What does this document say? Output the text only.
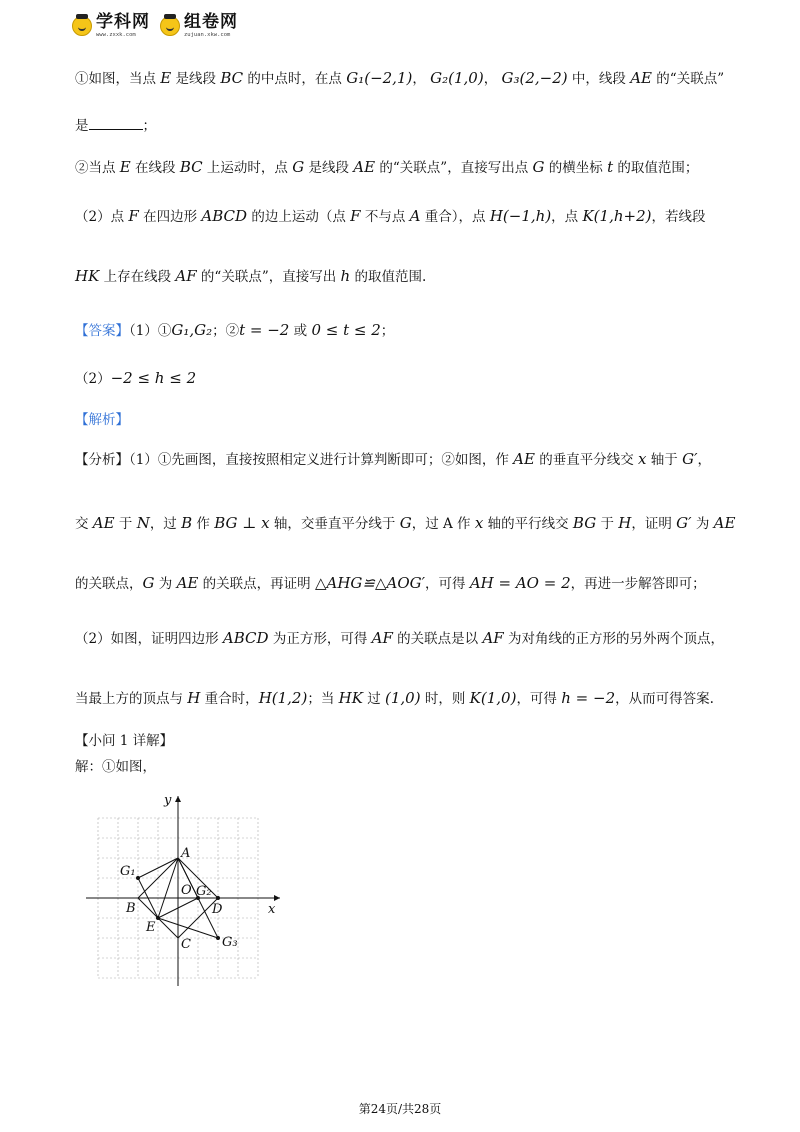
学科网
www.zxxk.com
组卷网
zujuan.xkw.com
①如图，当点 E 是线段 BC 的中点时，在点 G₁(−2,1)， G₂(1,0)， G₃(2,−2) 中，线段 AE 的“关联点”
是	；
②当点 E 在线段 BC 上运动时，点 G 是线段 AE 的“关联点”，直接写出点 G 的横坐标 t 的取值范围；
（2）点 F 在四边形 ABCD 的边上运动（点 F 不与点 A 重合），点 H(−1,h)，点 K(1,h+2)，若线段
HK 上存在线段 AF 的“关联点”，直接写出 h 的取值范围.
【答案】（1）①G₁,G₂；②t = −2 或 0 ≤ t ≤ 2；
（2）−2 ≤ h ≤ 2
【解析】
【分析】（1）①先画图，直接按照相定义进行计算判断即可；②如图，作 AE 的垂直平分线交 x 轴于 G′，
交 AE 于 N，过 B 作 BG ⊥ x 轴，交垂直平分线于 G，过 A 作 x 轴的平行线交 BG 于 H，证明 G′ 为 AE
的关联点，G 为 AE 的关联点，再证明 △AHG≌△AOG′，可得 AH = AO = 2，再进一步解答即可；
（2）如图，证明四边形 ABCD 为正方形，可得 AF 的关联点是以 AF 为对角线的正方形的另外两个顶点，
当最上方的顶点与 H 重合时，H(1,2)；当 HK 过 (1,0) 时，则 K(1,0)，可得 h = −2，从而可得答案.
【小问 1 详解】
解：①如图，
y
x
A
O
B	D
E
C
G₁
G₂
G₃
第24页/共28页
